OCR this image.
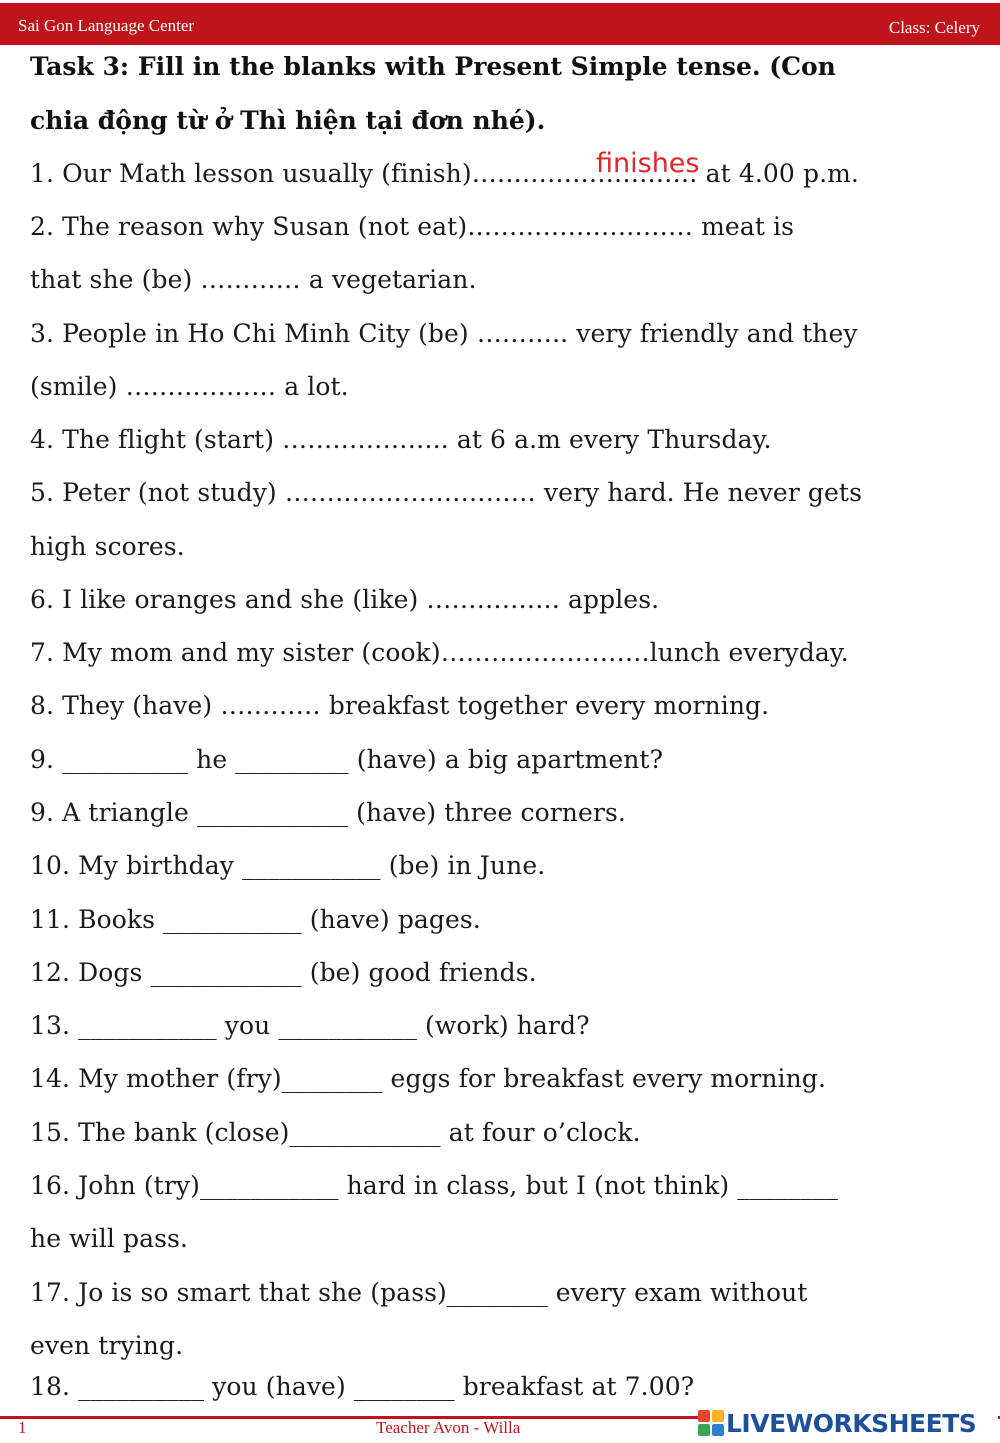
Sai Gon Language Center	Class: Celery
Task 3: Fill in the blanks with Present Simple tense. (Con
chia động từ ở Thì hiện tại đơn nhé).
1. Our Math lesson usually (finish)……………………… at 4.00 p.m.
finishes
2. The reason why Susan (not eat)……………………… meat is
that she (be) ………… a vegetarian.
3. People in Ho Chi Minh City (be) ……….. very friendly and they
(smile) ……………… a lot.
4. The flight (start) ……………….. at 6 a.m every Thursday.
5. Peter (not study) ………………………… very hard. He never gets
high scores.
6. I like oranges and she (like) ……………. apples.
7. My mom and my sister (cook)…………………….lunch everyday.
8. They (have) ………… breakfast together every morning.
9. __________ he _________ (have) a big apartment?
9. A triangle ____________ (have) three corners.
10. My birthday ___________ (be) in June.
11. Books ___________ (have) pages.
12. Dogs ____________ (be) good friends.
13. ___________ you ___________ (work) hard?
14. My mother (fry)________ eggs for breakfast every morning.
15. The bank (close)____________ at four o’clock.
16. John (try)___________ hard in class, but I (not think) ________
he will pass.
17. Jo is so smart that she (pass)________ every exam without
even trying.
18. __________ you (have) ________ breakfast at 7.00?
1	Teacher Avon - Willa	LIVEWORKSHEETS
